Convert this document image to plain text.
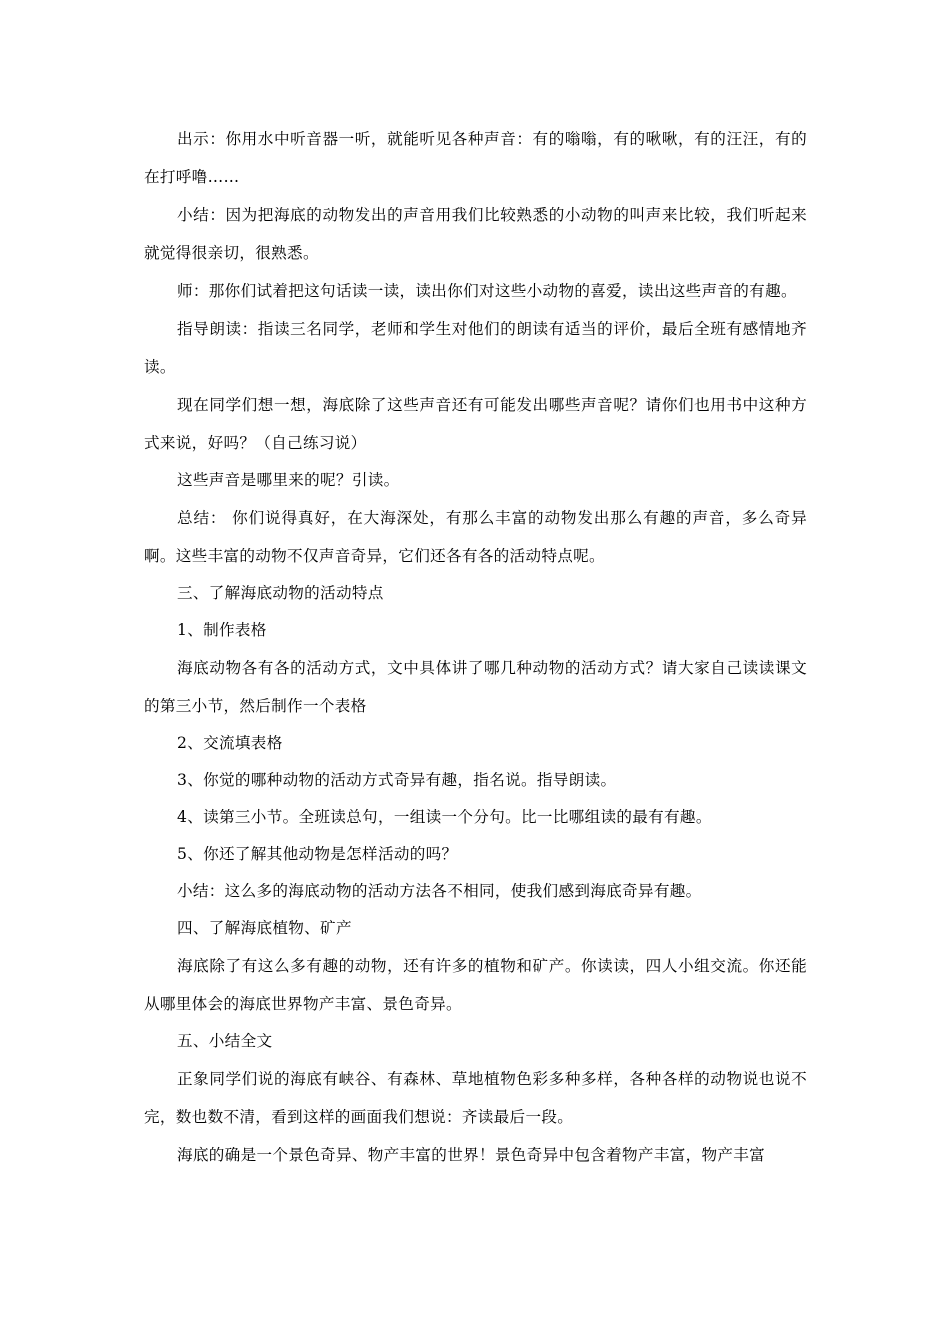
出示：你用水中听音器一听，就能听见各种声音：有的嗡嗡，有的啾啾，有的汪汪，有的在打呼噜……

小结：因为把海底的动物发出的声音用我们比较熟悉的小动物的叫声来比较，我们听起来就觉得很亲切，很熟悉。

师：那你们试着把这句话读一读，读出你们对这些小动物的喜爱，读出这些声音的有趣。

指导朗读：指读三名同学，老师和学生对他们的朗读有适当的评价，最后全班有感情地齐读。

现在同学们想一想，海底除了这些声音还有可能发出哪些声音呢？请你们也用书中这种方式来说，好吗？（自己练习说）

这些声音是哪里来的呢？引读。

总结： 你们说得真好，在大海深处，有那么丰富的动物发出那么有趣的声音，多么奇异啊。这些丰富的动物不仅声音奇异，它们还各有各的活动特点呢。

三、了解海底动物的活动特点

1、制作表格

海底动物各有各的活动方式，文中具体讲了哪几种动物的活动方式？请大家自己读读课文的第三小节，然后制作一个表格

2、交流填表格

3、你觉的哪种动物的活动方式奇异有趣，指名说。指导朗读。

4、读第三小节。全班读总句，一组读一个分句。比一比哪组读的最有有趣。

5、你还了解其他动物是怎样活动的吗？

小结：这么多的海底动物的活动方法各不相同，使我们感到海底奇异有趣。

四、了解海底植物、矿产

海底除了有这么多有趣的动物，还有许多的植物和矿产。你读读，四人小组交流。你还能从哪里体会的海底世界物产丰富、景色奇异。

五、小结全文

正象同学们说的海底有峡谷、有森林、草地植物色彩多种多样，各种各样的动物说也说不完，数也数不清，看到这样的画面我们想说：齐读最后一段。

海底的确是一个景色奇异、物产丰富的世界！景色奇异中包含着物产丰富，物产丰富
